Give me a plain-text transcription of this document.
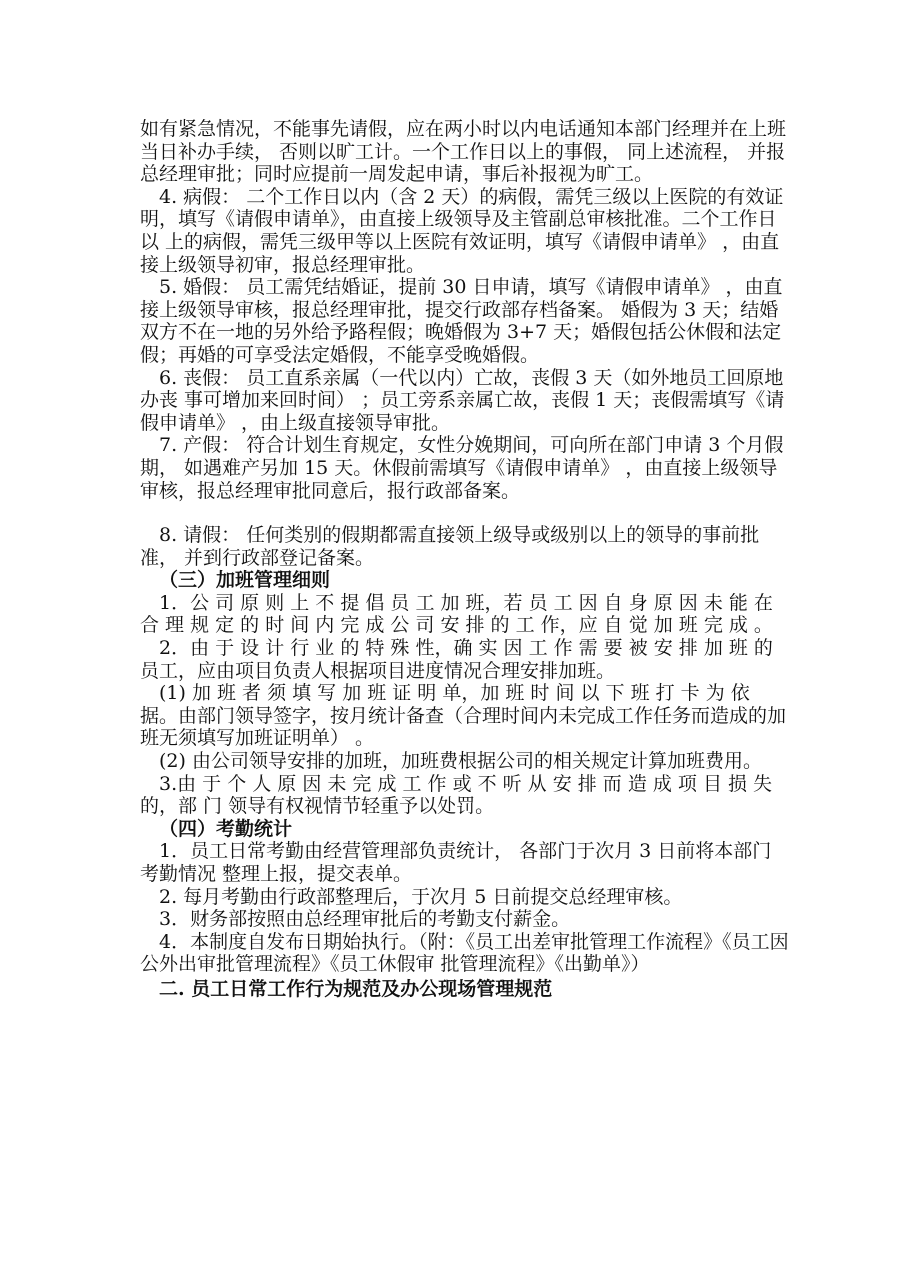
如有紧急情况，不能事先请假，应在两小时以内电话通知本部门经理并在上班当日补办手续， 否则以旷工计。一个工作日以上的事假， 同上述流程， 并报总经理审批；同时应提前一周发起申请，事后补报视为旷工。

4. 病假： 二个工作日以内（含 2 天）的病假，需凭三级以上医院的有效证明，填写《请假申请单》，由直接上级领导及主管副总审核批准。二个工作日以 上的病假，需凭三级甲等以上医院有效证明，填写《请假申请单》 ，由直接上级领导初审，报总经理审批。

5. 婚假： 员工需凭结婚证，提前 30 日申请，填写《请假申请单》 ，由直接上级领导审核，报总经理审批，提交行政部存档备案。 婚假为 3 天；结婚双方不在一地的另外给予路程假；晚婚假为 3+7 天；婚假包括公休假和法定假；再婚的可享受法定婚假，不能享受晚婚假。

6. 丧假： 员工直系亲属（一代以内）亡故，丧假 3 天（如外地员工回原地办丧 事可增加来回时间） ；员工旁系亲属亡故，丧假 1 天；丧假需填写《请假申请单》 ，由上级直接领导审批。

7. 产假： 符合计划生育规定，女性分娩期间，可向所在部门申请 3 个月假期， 如遇难产另加 15 天。休假前需填写《请假申请单》 ，由直接上级领导审核，报总经理审批同意后，报行政部备案。

8. 请假： 任何类别的假期都需直接领上级导或级别以上的领导的事前批准， 并到行政部登记备案。

（三）加班管理细则

1．公 司 原 则 上 不 提 倡 员 工 加 班，若 员 工 因 自 身 原 因 未 能 在 合 理 规 定 的 时 间 内 完 成 公 司 安 排 的 工 作，应 自 觉 加 班 完 成 。

2．由 于 设 计 行 业 的 特 殊 性，确 实 因 工 作 需 要 被 安 排 加 班 的员工，应由项目负责人根据项目进度情况合理安排加班。

(1) 加 班 者 须 填 写 加 班 证 明 单，加 班 时 间 以 下 班 打 卡 为 依 据。由部门领导签字，按月统计备查（合理时间内未完成工作任务而造成的加班无须填写加班证明单） 。

(2) 由公司领导安排的加班，加班费根据公司的相关规定计算加班费用。

3.由 于 个 人 原 因 未 完 成 工 作 或 不 听 从 安 排 而 造 成 项 目 损 失的，部 门 领导有权视情节轻重予以处罚。

（四）考勤统计

1．员工日常考勤由经营管理部负责统计， 各部门于次月 3 日前将本部门考勤情况 整理上报，提交表单。

2. 每月考勤由行政部整理后，于次月 5 日前提交总经理审核。

3．财务部按照由总经理审批后的考勤支付薪金。

4．本制度自发布日期始执行。（附：《员工出差审批管理工作流程》《员工因公外出审批管理流程》《员工休假审 批管理流程》《出勤单》）

二. 员工日常工作行为规范及办公现场管理规范
